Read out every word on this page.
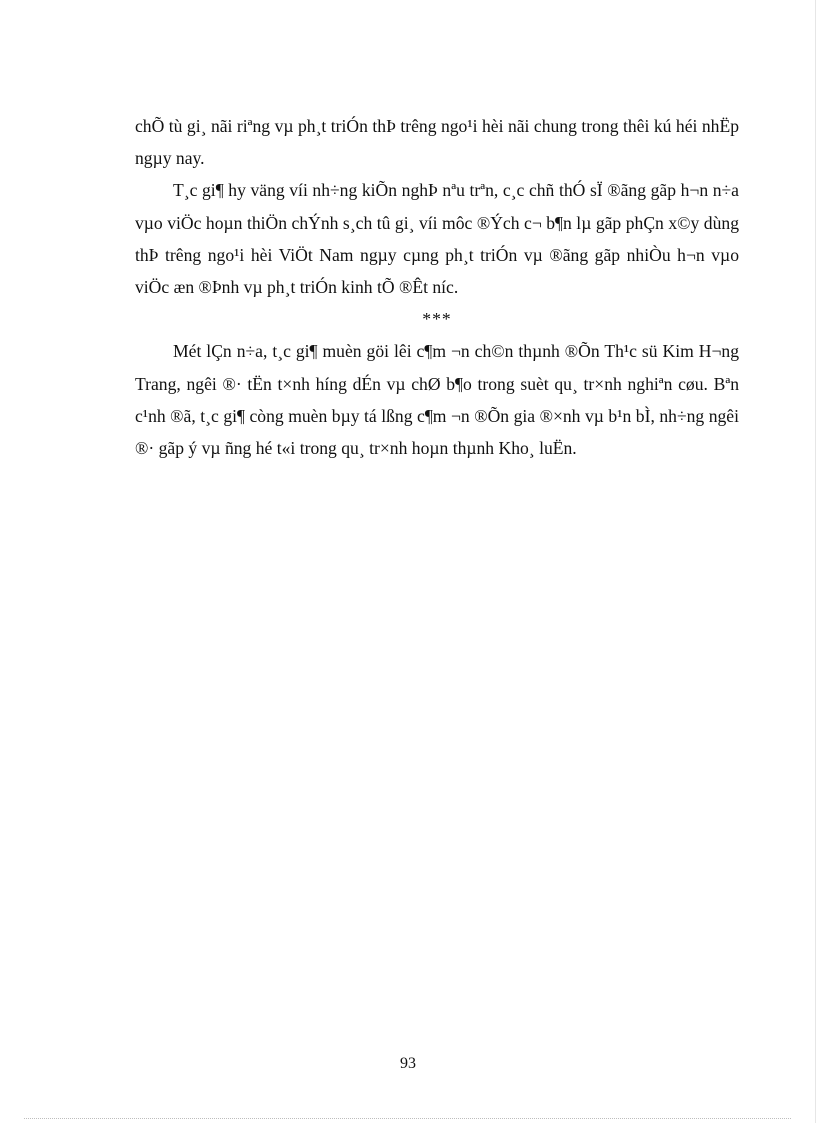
chÕ tù gi¸ nãi riªng vµ ph¸t triÓn thÞ trêng ngo¹i hèi nãi chung trong thêi kú héi nhËp ngµy nay.

T¸c gi¶ hy väng víi nh÷ng kiÕn nghÞ nªu trªn, c¸c chñ thÓ sÏ ®ãng gãp h¬n n÷a vµo viÖc hoµn thiÖn chÝnh s¸ch tû gi¸ víi môc ®Ých c¬ b¶n lµ gãp phÇn x©y dùng thÞ trêng ngo¹i hèi ViÖt Nam ngµy cµng ph¸t triÓn vµ ®ãng gãp nhiÒu h¬n vµo viÖc æn ®Þnh vµ ph¸t triÓn kinh tÕ ®Êt níc.

***

Mét lÇn n÷a, t¸c gi¶ muèn göi lêi c¶m ¬n ch©n thµnh ®Õn Th¹c sü Kim H¬ng Trang, ngêi ®· tËn t×nh híng dÉn vµ chØ b¶o trong suèt qu¸ tr×nh nghiªn cøu. Bªn c¹nh ®ã, t¸c gi¶ còng muèn bµy tá lßng c¶m ¬n ®Õn gia ®×nh vµ b¹n bÌ, nh÷ng ngêi ®· gãp ý vµ ñng hé t«i trong qu¸ tr×nh hoµn thµnh Kho¸ luËn.

93
